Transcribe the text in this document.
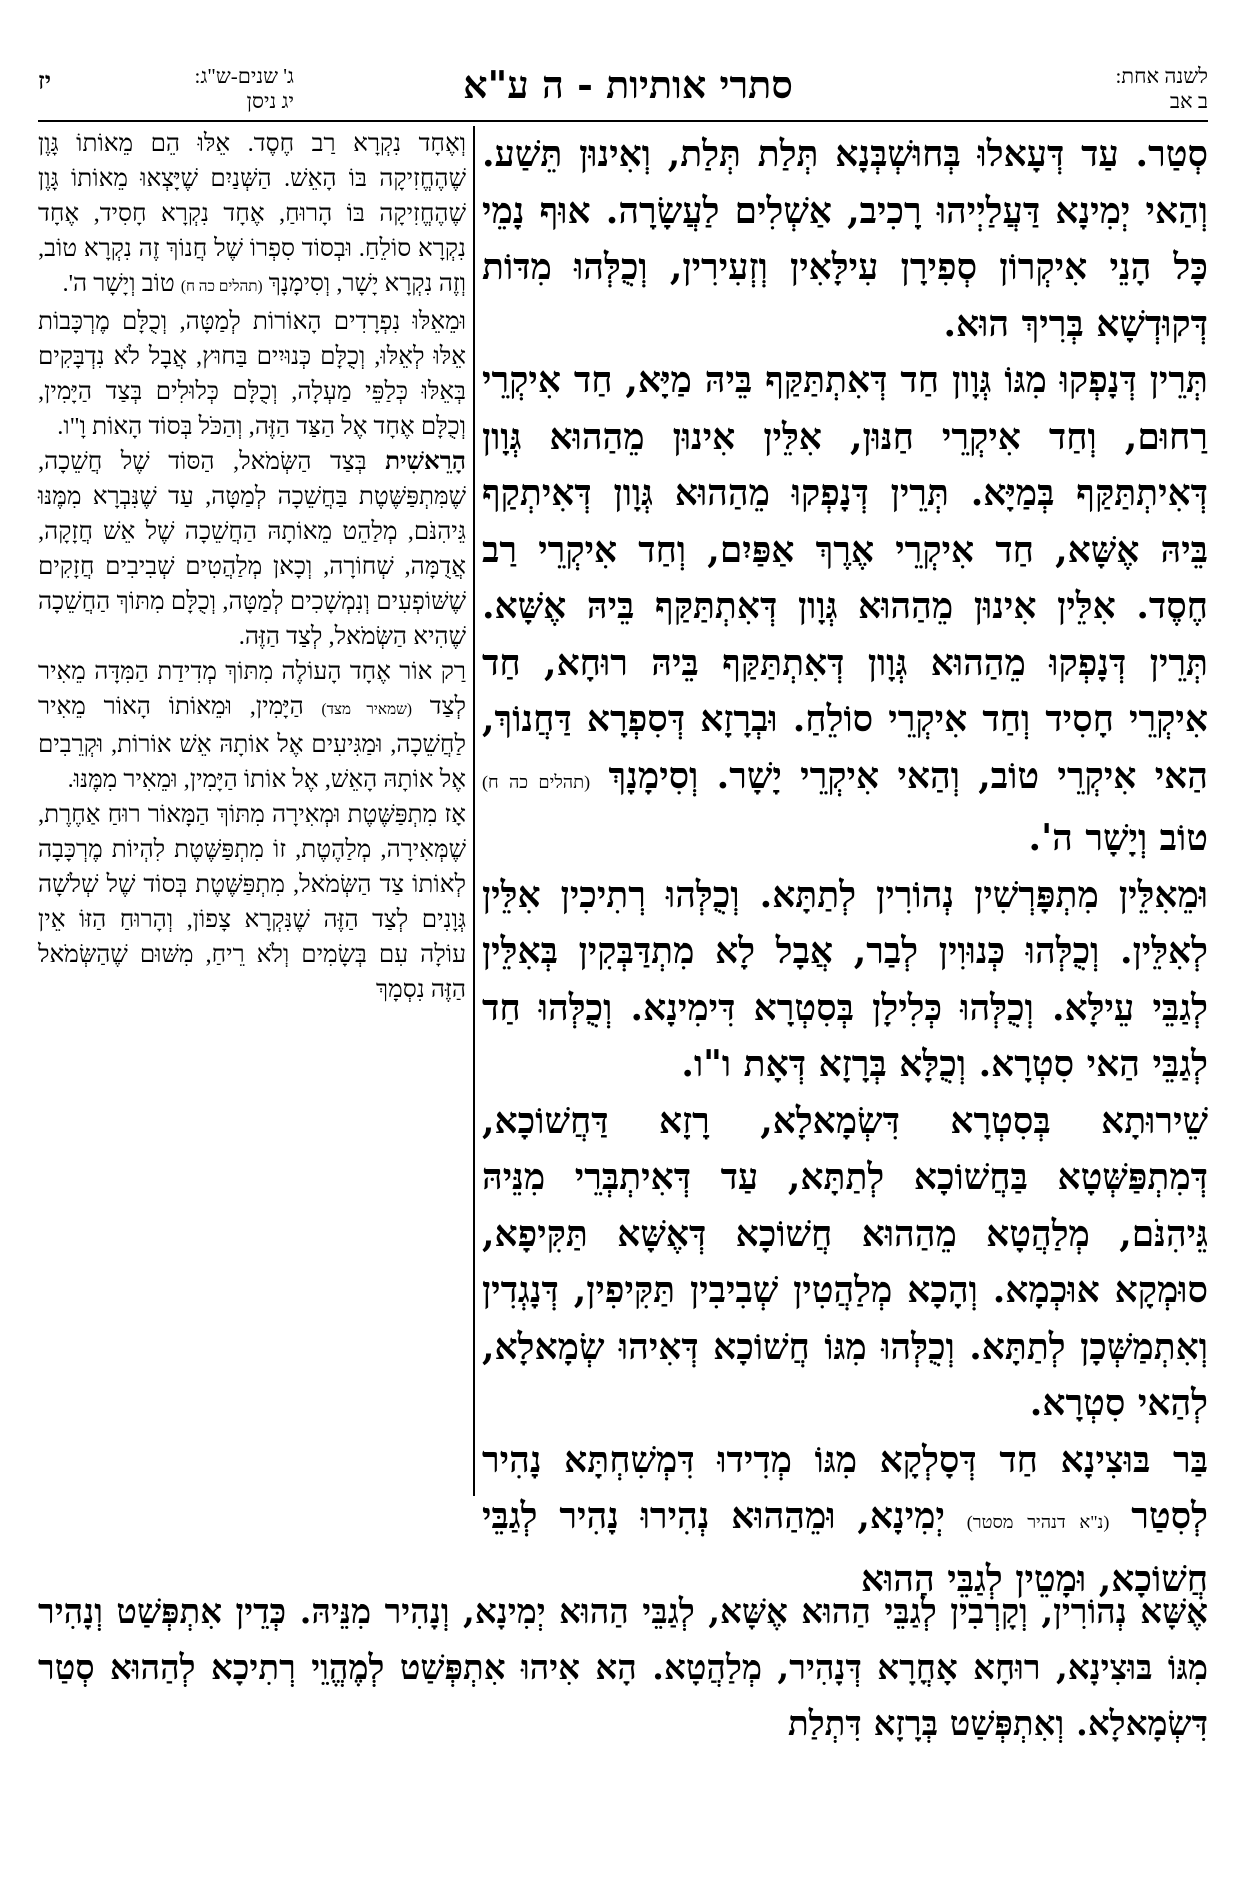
לשנה אחת:
ב אב
סתרי אותיות - ה ע"א
ג' שנים-ש"ג:
יג ניסן
יז

סְטַר. עַד דְּעָאלוּ בְּחוּשְׁבְּנָא תְּלַת תְּלַת, וְאִינוּן תֵּשַׁע. וְהַאי יְמִינָא דַּעֲלַיְיהוּ רָכִיב, אַשְׁלִים לַעֲשָׂרָה. אוּף נָמֵי כָּל הָנֵי אִיקְרוֹן סְפִירָן עִילָּאִין וְזְעִירִין, וְכֻלְּהוּ מִדּוֹת דְּקוּדְשָׁא בְּרִיךְ הוּא.

תְּרֵין דְּנָפְקוּ מִגּוֹ גְּוָון חַד דְּאִתְתַּקַּף בֵּיהּ מַיָּא, חַד אִיקְרֵי רַחוּם, וְחַד אִיקְרֵי חַנּוּן, אִלֵּין אִינוּן מֵהַהוּא גְּוָון דְּאִיתְתַּקַּף בְּמַיָּא. תְּרֵין דְּנָפְקוּ מֵהַהוּא גְּוָון דְּאִיתְקַף בֵּיהּ אֶשָּׁא, חַד אִיקְרֵי אֶרֶךְ אַפַּיִם, וְחַד אִיקְרֵי רַב חֶסֶד. אִלֵּין אִינוּן מֵהַהוּא גְּוָון דְּאִתְתַּקַּף בֵּיהּ אֶשָּׁא. תְּרֵין דְּנָפְקוּ מֵהַהוּא גְּוָון דְּאִתְתַּקַּף בֵּיהּ רוּחָא, חַד אִיקְרֵי חָסִיד וְחַד אִיקְרֵי סוֹלֵחַ. וּבְרָזָא דְּסִפְרָא דַּחֲנוֹךְ, הַאי אִיקְרֵי טוֹב, וְהַאי אִיקְרֵי יָשָׁר. וְסִימָנָךְ (תהלים כה ח) טוֹב וְיָשָׁר ה'.

וּמֵאִלֵּין מִתְפָּרְשִׁין נְהוֹרִין לְתַתָּא. וְכֻלְּהוּ רְתִיכִין אִלֵּין לְאִלֵּין. וְכֻלְּהוּ כְּנוּוִין לְבַר, אֲבָל לָא מִתְדַּבְּקִין בְּאִלֵּין לְגַבֵּי עֵילָּא. וְכֻלְּהוּ כְּלִילָן בְּסִטְרָא דִּימִינָא. וְכֻלְּהוּ חַד לְגַבֵּי הַאי סִטְרָא. וְכֻלָּא בְּרָזָא דְּאָת ו"ו.

שֵׁירוּתָא בְּסִטְרָא דִּשְׂמָאלָא, רָזָא דַּחֲשׁוֹכָא, דְּמִתְפַּשְּׁטָא בַּחֲשׁוֹכָא לְתַתָּא, עַד דְּאִיתְבְּרֵי מִנֵּיהּ גֵּיהִנֹּם, מְלַהֲטָא מֵהַהוּא חֲשׁוֹכָא דְּאֶשָּׁא תַּקִּיפָא, סוּמְקָא אוּכְמָא. וְהָכָא מְלַהֲטִין שְׁבִיבִין תַּקִּיפִין, דְּנָגְדִין וְאִתְמַשְּׁכָן לְתַתָּא. וְכֻלְּהוּ מִגּוֹ חֲשׁוֹכָא דְּאִיהוּ שְׂמָאלָא, לְהַאי סִטְרָא.

בַּר בּוּצִינָא חַד דְּסָלְקָא מִגּוֹ מְדִידוּ דִּמְשִׁחְתָּא נָהִיר לְסִטַר (נ"א דנהיר מסטר) יְמִינָא, וּמֵהַהוּא נְהִירוּ נָהִיר לְגַבֵּי חֲשׁוֹכָא, וּמָטֵין לְגַבֵּי הַהוּא

וְאֶחָד נִקְרָא רַב חֶסֶד. אֵלּוּ הֵם מֵאוֹתוֹ גָּוֶן שֶׁהֶחֱזִיקָה בּוֹ הָאֵשׁ. הַשְּׁנַיִם שֶׁיָּצְאוּ מֵאוֹתוֹ גָּוֶן שֶׁהֶחֱזִיקָה בּוֹ הָרוּחַ, אֶחָד נִקְרָא חָסִיד, אֶחָד נִקְרָא סוֹלֵחַ. וּבְסוֹד סִפְרוֹ שֶׁל חֲנוֹךְ זֶה נִקְרָא טוֹב, וְזֶה נִקְרָא יָשָׁר, וְסִימָנָךְ (תהלים כה ח) טוֹב וְיָשָׁר ה'.

וּמֵאֵלּוּ נִפְרָדִים הָאוֹרוֹת לְמַטָּה, וְכֻלָּם מֶרְכָּבוֹת אֵלּוּ לְאֵלּוּ, וְכֻלָּם כְּנוּיִים בַּחוּץ, אֲבָל לֹא נִדְבָּקִים בְּאֵלּוּ כְּלַפֵּי מַעְלָה, וְכֻלָּם כְּלוּלִים בְּצַד הַיָּמִין, וְכֻלָּם אֶחָד אֶל הַצַּד הַזֶּה, וְהַכֹּל בְּסוֹד הָאוֹת וָ"ו.

הָרֵאשִׁית בְּצַד הַשְּׂמֹאל, הַסּוֹד שֶׁל חֲשֵׁכָה, שֶׁמִּתְפַּשֶּׁטֶת בַּחֲשֵׁכָה לְמַטָּה, עַד שֶׁנִּבְרָא מִמֶּנּוּ גֵּיהִנֹּם, מְלַהֵט מֵאוֹתָהּ הַחֲשֵׁכָה שֶׁל אֵשׁ חֲזָקָה, אֲדֻמָּה, שְׁחוֹרָה, וְכָאן מְלַהֲטִים שְׁבִיבִים חֲזָקִים שֶׁשּׁוֹפְעִים וְנִמְשָׁכִים לְמַטָּה, וְכֻלָּם מִתּוֹךְ הַחֲשֵׁכָה שֶׁהִיא הַשְּׂמֹאל, לְצַד הַזֶּה.

רַק אוֹר אֶחָד הָעוֹלֶה מִתּוֹךְ מְדִידַת הַמִּדָּה מֵאִיר לְצַד (שמאיר מצד) הַיָּמִין, וּמֵאוֹתוֹ הָאוֹר מֵאִיר לַחֲשֵׁכָה, וּמַגִּיעִים אֶל אוֹתָהּ אֵשׁ אוֹרוֹת, וּקְרֵבִים אֶל אוֹתָהּ הָאֵשׁ, אֶל אוֹתוֹ הַיָּמִין, וּמֵאִיר מִמֶּנּוּ.

אָז מִתְפַּשֶּׁטֶת וּמְאִירָה מִתּוֹךְ הַמָּאוֹר רוּחַ אַחֶרֶת, שֶׁמְּאִירָה, מְלַהֶטֶת, זוֹ מִתְפַּשֶּׁטֶת לִהְיוֹת מֶרְכָּבָה לְאוֹתוֹ צַד הַשְּׂמֹאל, מִתְפַּשֶּׁטֶת בְּסוֹד שֶׁל שְׁלֹשָׁה גְּוָנִים לְצַד הַזֶּה שֶׁנִּקְרָא צָפוֹן, וְהָרוּחַ הַזּוֹ אֵין עוֹלָה עִם בְּשָׂמִים וְלֹא רֵיחַ, מִשּׁוּם שֶׁהַשְּׂמֹאל הַזֶּה נִסְמָךְ

אֶשָּׁא נְהוֹרִין, וְקָרְבִין לְגַבֵּי הַהוּא אֶשָּׁא, לְגַבֵּי הַהוּא יְמִינָא, וְנָהִיר מִנֵּיהּ. כְּדֵין אִתְפְּשַׁט וְנָהִיר מִגּוֹ בּוּצִינָא, רוּחָא אָחֳרָא דְּנָהִיר, מְלַהֲטָא. הָא אִיהוּ אִתְפְּשַׁט לְמֶהֱוֵי רְתִיכָא לְהַהוּא סְטַר דִּשְׂמָאלָא. וְאִתְפְּשַׁט בְּרָזָא דִּתְלַת
